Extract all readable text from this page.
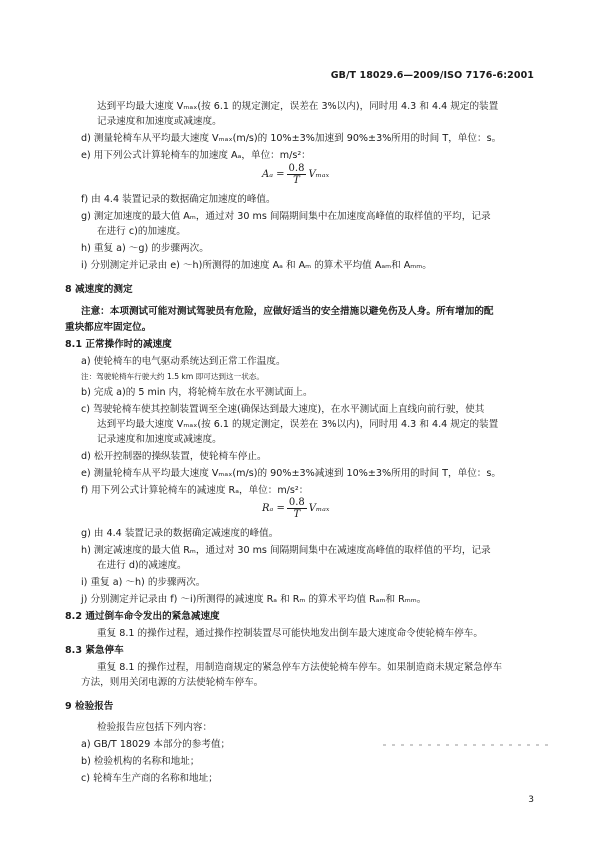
GB/T 18029.6—2009/ISO 7176-6:2001
达到平均最大速度 Vₘₐₓ(按 6.1 的规定测定，误差在 3%以内)，同时用 4.3 和 4.4 规定的装置
记录速度和加速度或减速度。
d) 测量轮椅车从平均最大速度 Vₘₐₓ(m/s)的 10%±3%加速到 90%±3%所用的时间 T，单位：s。
e) 用下列公式计算轮椅车的加速度 Aₐ，单位：m/s²：
f) 由 4.4 装置记录的数据确定加速度的峰值。
g) 测定加速度的最大值 Aₘ，通过对 30 ms 间隔期间集中在加速度高峰值的取样值的平均，记录
在进行 c)的加速度。
h) 重复 a) ～g) 的步骤两次。
i) 分别测定并记录由 e) ～h)所测得的加速度 Aₐ 和 Aₘ 的算术平均值 Aₐₘ和 Aₘₘ。
8 减速度的测定
注意：本项测试可能对测试驾驶员有危险，应做好适当的安全措施以避免伤及人身。所有增加的配
重块都应牢固定位。
8.1 正常操作时的减速度
a) 使轮椅车的电气驱动系统达到正常工作温度。
注：驾驶轮椅车行驶大约 1.5 km 即可达到这一状态。
b) 完成 a)的 5 min 内，将轮椅车放在水平测试面上。
c) 驾驶轮椅车使其控制装置调至全速(确保达到最大速度)，在水平测试面上直线向前行驶，使其
达到平均最大速度 Vₘₐₓ(按 6.1 的规定测定，误差在 3%以内)，同时用 4.3 和 4.4 规定的装置
记录速度和加速度或减速度。
d) 松开控制器的操纵装置，使轮椅车停止。
e) 测量轮椅车从平均最大速度 Vₘₐₓ(m/s)的 90%±3%减速到 10%±3%所用的时间 T，单位：s。
f) 用下列公式计算轮椅车的减速度 Rₐ，单位：m/s²：
g) 由 4.4 装置记录的数据确定减速度的峰值。
h) 测定减速度的最大值 Rₘ，通过对 30 ms 间隔期间集中在减速度高峰值的取样值的平均，记录
在进行 d)的减速度。
i) 重复 a) ～h) 的步骤两次。
j) 分别测定并记录由 f) ～i)所测得的减速度 Rₐ 和 Rₘ 的算术平均值 Rₐₘ和 Rₘₘ。
8.2 通过倒车命令发出的紧急减速度
重复 8.1 的操作过程，通过操作控制装置尽可能快地发出倒车最大速度命令使轮椅车停车。
8.3 紧急停车
重复 8.1 的操作过程，用制造商规定的紧急停车方法使轮椅车停车。如果制造商未规定紧急停车
方法，则用关闭电源的方法使轮椅车停车。
9 检验报告
检验报告应包括下列内容：
a) GB/T 18029 本部分的参考值；
b) 检验机构的名称和地址；
c) 轮椅车生产商的名称和地址；
$A_a = \frac{0.8}{T}$ Vₘₐₓ
$R_a = \frac{0.8}{T}$ Vₘₐₓ
3
